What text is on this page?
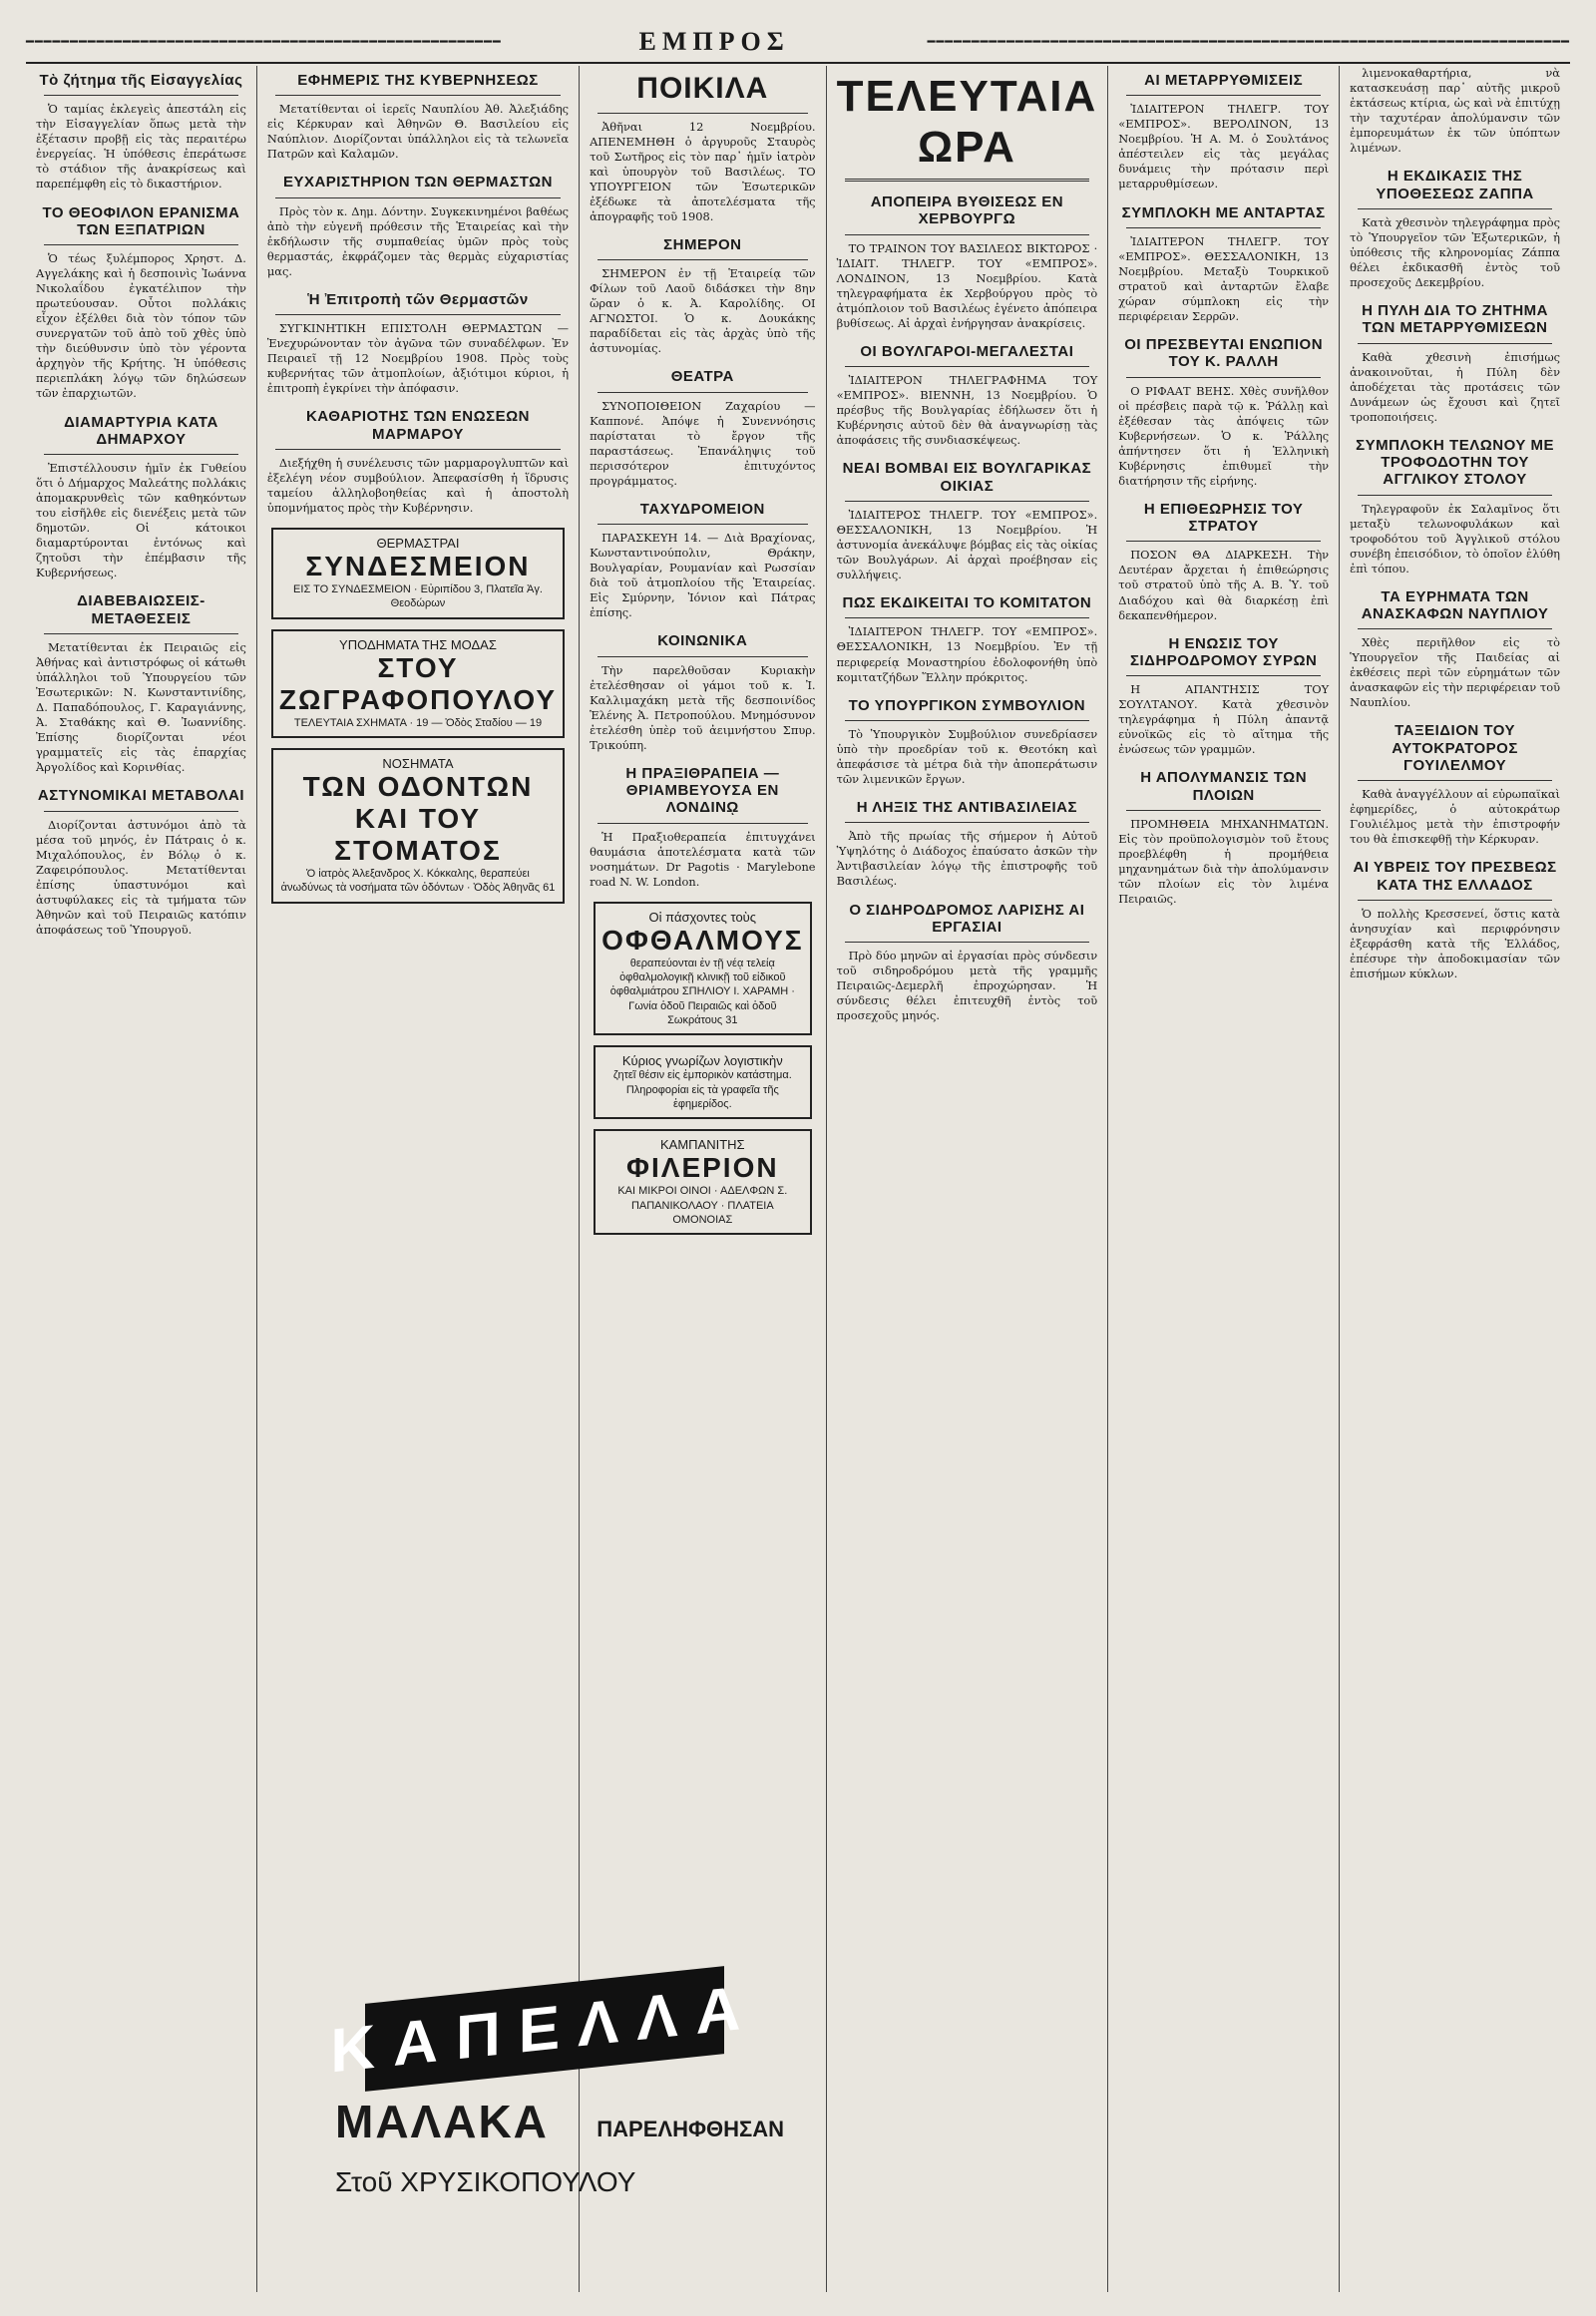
━━━━━━━━━━━━━━━━━━━━━━━━━━━━━━━━━━━━━━━━━━━━━━━━━━━━━━	ΕΜΠΡΟΣ	━━━━━━━━━━━━━━━━━━━━━━━━━━━━━━━━━━━━━━━━━━━━━━━━━━━━━━━━━━━━━━━━━━━━━━━━━
Τὸ ζήτημα τῆς Εἰσαγγελίας

Ὁ ταμίας ἐκλεγεὶς ἀπεστάλη εἰς τὴν Εἰσαγγελίαν ὅπως μετὰ τὴν ἐξέτασιν προβῇ εἰς τὰς περαιτέρω ἐνεργείας. Ἡ ὑπόθεσις ἐπεράτωσε τὸ στάδιον τῆς ἀνακρίσεως καὶ παρεπέμφθη εἰς τὸ δικαστήριον.

ΤΟ ΘΕΟΦΙΛΟΝ ΕΡΑΝΙΣΜΑ ΤΩΝ ΕΞΠΑΤΡΙΩΝ

Ὁ τέως ξυλέμπορος Χρηστ. Δ. Αγγελάκης καὶ ἡ δεσποινὶς Ἰωάννα Νικολαΐδου ἐγκατέλιπον τὴν πρωτεύουσαν. Οὗτοι πολλάκις εἶχον ἐξέλθει διὰ τὸν τόπον τῶν συνεργατῶν τοῦ ἀπὸ τοῦ χθὲς ὑπὸ τὴν διεύθυνσιν ὑπὸ τὸν γέροντα ἀρχηγὸν τῆς Κρήτης. Ἡ ὑπόθεσις περιεπλάκη λόγῳ τῶν δηλώσεων τῶν ἐπαρχιωτῶν.

ΔΙΑΜΑΡΤΥΡΙΑ ΚΑΤΑ ΔΗΜΑΡΧΟΥ

Ἐπιστέλλουσιν ἡμῖν ἐκ Γυθείου ὅτι ὁ Δήμαρχος Μαλεάτης πολλάκις ἀπομακρυνθεὶς τῶν καθηκόντων του εἰσῆλθε εἰς διενέξεις μετὰ τῶν δημοτῶν. Οἱ κάτοικοι διαμαρτύρονται ἐντόνως καὶ ζητοῦσι τὴν ἐπέμβασιν τῆς Κυβερνήσεως.

ΔΙΑΒΕΒΑΙΩΣΕΙΣ-ΜΕΤΑΘΕΣΕΙΣ

Μετατίθενται ἐκ Πειραιῶς εἰς Ἀθήνας καὶ ἀντιστρόφως οἱ κάτωθι ὑπάλληλοι τοῦ Ὑπουργείου τῶν Ἐσωτερικῶν: Ν. Κωνσταντινίδης, Δ. Παπαδόπουλος, Γ. Καραγιάννης, Ἀ. Σταθάκης καὶ Θ. Ἰωαννίδης. Ἐπίσης διορίζονται νέοι γραμματεῖς εἰς τὰς ἐπαρχίας Ἀργολίδος καὶ Κορινθίας.

ΑΣΤΥΝΟΜΙΚΑΙ ΜΕΤΑΒΟΛΑΙ

Διορίζονται ἀστυνόμοι ἀπὸ τὰ μέσα τοῦ μηνός, ἐν Πάτραις ὁ κ. Μιχαλόπουλος, ἐν Βόλῳ ὁ κ. Ζαφειρόπουλος. Μετατίθενται ἐπίσης ὑπαστυνόμοι καὶ ἀστυφύλακες εἰς τὰ τμήματα τῶν Ἀθηνῶν καὶ τοῦ Πειραιῶς κατόπιν ἀποφάσεως τοῦ Ὑπουργοῦ.

ΕΦΗΜΕΡΙΣ ΤΗΣ ΚΥΒΕΡΝΗΣΕΩΣ

Μετατίθενται οἱ ἰερεῖς Ναυπλίου Ἀθ. Ἀλεξιάδης εἰς Κέρκυραν καὶ Ἀθηνῶν Θ. Βασιλείου εἰς Ναύπλιον. Διορίζονται ὑπάλληλοι εἰς τὰ τελωνεῖα Πατρῶν καὶ Καλαμῶν.

ΕΥΧΑΡΙΣΤΗΡΙΟΝ ΤΩΝ ΘΕΡΜΑΣΤΩΝ

Πρὸς τὸν κ. Δημ. Δόντην. Συγκεκινημένοι βαθέως ἀπὸ τὴν εὐγενῆ πρόθεσιν τῆς Ἑταιρείας καὶ τὴν ἐκδήλωσιν τῆς συμπαθείας ὑμῶν πρὸς τοὺς θερμαστάς, ἐκφράζομεν τὰς θερμὰς εὐχαριστίας μας.

Ἡ Ἐπιτροπὴ τῶν Θερμαστῶν

ΣΥΓΚΙΝΗΤΙΚΗ ΕΠΙΣΤΟΛΗ ΘΕΡΜΑΣΤΩΝ — Ἐνεχυρώνονταν τὸν ἀγῶνα τῶν συναδέλφων. Ἐν Πειραιεῖ τῇ 12 Νοεμβρίου 1908. Πρὸς τοὺς κυβερνήτας τῶν ἀτμοπλοίων, ἀξιότιμοι κύριοι, ἡ ἐπιτροπὴ ἐγκρίνει τὴν ἀπόφασιν.

ΚΑΘΑΡΙΟΤΗΣ ΤΩΝ ΕΝΩΣΕΩΝ ΜΑΡΜΑΡΟΥ

Διεξήχθη ἡ συνέλευσις τῶν μαρμαρογλυπτῶν καὶ ἐξελέγη νέον συμβούλιον. Ἀπεφασίσθη ἡ ἵδρυσις ταμείου ἀλληλοβοηθείας καὶ ἡ ἀποστολὴ ὑπομνήματος πρὸς τὴν Κυβέρνησιν.

ΘΕΡΜΑΣΤΡΑΙ
ΣΥΝΔΕΣΜΕΙΟΝ
ΕΙΣ ΤΟ ΣΥΝΔΕΣΜΕΙΟΝ · Εὐριπίδου 3, Πλατεῖα Ἀγ. Θεοδώρων
ΥΠΟΔΗΜΑΤΑ ΤΗΣ ΜΟΔΑΣ
ΣΤΟΥ ΖΩΓΡΑΦΟΠΟΥΛΟΥ
ΤΕΛΕΥΤΑΙΑ ΣΧΗΜΑΤΑ · 19 — Ὁδὸς Σταδίου — 19
ΝΟΣΗΜΑΤΑ
ΤΩΝ ΟΔΟΝΤΩΝ ΚΑΙ ΤΟΥ ΣΤΟΜΑΤΟΣ
Ὁ ἰατρὸς Ἀλεξανδρος Χ. Κόκκαλης, θεραπεύει ἀνωδύνως τὰ νοσήματα τῶν ὀδόντων · Ὁδὸς Ἀθηνᾶς 61
ΠΟΙΚΙΛΑ

Ἀθῆναι 12 Νοεμβρίου. ΑΠΕΝΕΜΗΘΗ ὁ ἀργυροῦς Σταυρὸς τοῦ Σωτῆρος εἰς τὸν παρ᾽ ἡμῖν ἰατρὸν καὶ ὑπουργὸν τοῦ Βασιλέως. ΤΟ ΥΠΟΥΡΓΕΙΟΝ τῶν Ἐσωτερικῶν ἐξέδωκε τὰ ἀποτελέσματα τῆς ἀπογραφῆς τοῦ 1908.

ΣΗΜΕΡΟΝ

ΣΗΜΕΡΟΝ ἐν τῇ Ἑταιρείᾳ τῶν Φίλων τοῦ Λαοῦ διδάσκει τὴν 8ην ὥραν ὁ κ. Ἀ. Καρολίδης. ΟΙ ΑΓΝΩΣΤΟΙ. Ὁ κ. Δουκάκης παραδίδεται εἰς τὰς ἀρχὰς ὑπὸ τῆς ἀστυνομίας.

ΘΕΑΤΡΑ

ΣΥΝΟΠΟΙΘΕΙΟΝ Ζαχαρίου — Καππονέ. Ἀπόψε ἡ Συνεννόησις παρίσταται τὸ ἔργον τῆς παραστάσεως. Ἐπανάληψις τοῦ περισσότερον ἐπιτυχόντος προγράμματος.

ΤΑΧΥΔΡΟΜΕΙΟΝ

ΠΑΡΑΣΚΕΥΗ 14. — Διὰ Βραχίονας, Κωνσταντινούπολιν, Θράκην, Βουλγαρίαν, Ρουμανίαν καὶ Ρωσσίαν διὰ τοῦ ἀτμοπλοίου τῆς Ἑταιρείας. Εἰς Σμύρνην, Ἰόνιον καὶ Πάτρας ἐπίσης.

ΚΟΙΝΩΝΙΚΑ

Τὴν παρελθοῦσαν Κυριακὴν ἐτελέσθησαν οἱ γάμοι τοῦ κ. Ἰ. Καλλιμαχάκη μετὰ τῆς δεσποινίδος Ἑλένης Ἀ. Πετροπούλου. Μνημόσυνον ἐτελέσθη ὑπὲρ τοῦ ἀειμνήστου Σπυρ. Τρικούπη.

Η ΠΡΑΞΙΘΡΑΠΕΙΑ — ΘΡΙΑΜΒΕΥΟΥΣΑ ΕΝ ΛΟΝΔΙΝῼ

Ἡ Πραξιοθεραπεία ἐπιτυγχάνει θαυμάσια ἀποτελέσματα κατὰ τῶν νοσημάτων. Dr Pagotis · Marylebone road N. W. London.

Οἱ πάσχοντες τοὺς
ΟΦΘΑΛΜΟΥΣ
θεραπεύονται ἐν τῇ νέᾳ τελείᾳ ὀφθαλμολογικῇ κλινικῇ τοῦ εἰδικοῦ ὀφθαλμιάτρου ΣΠΗΛΙΟΥ Ι. ΧΑΡΑΜΗ · Γωνία ὁδοῦ Πειραιῶς καὶ ὁδοῦ Σωκράτους 31
Κύριος γνωρίζων λογιστικὴν
ζητεῖ θέσιν εἰς ἐμπορικὸν κατάστημα. Πληροφορίαι εἰς τὰ γραφεῖα τῆς ἐφημερίδος.
ΚΑΜΠΑΝΙΤΗΣ
ΦΙΛΕΡΙΟΝ
ΚΑΙ ΜΙΚΡΟΙ ΟΙΝΟΙ · ΑΔΕΛΦΩΝ Σ. ΠΑΠΑΝΙΚΟΛΑΟΥ · ΠΛΑΤΕΙΑ ΟΜΟΝΟΙΑΣ
ΤΕΛΕΥΤΑΙΑ ΩΡΑ
ΑΠΟΠΕΙΡΑ ΒΥΘΙΣΕΩΣ ΕΝ ΧΕΡΒΟΥΡΓΩ

ΤΟ ΤΡΑΙΝΟΝ ΤΟΥ ΒΑΣΙΛΕΩΣ ΒΙΚΤΩΡΟΣ · ἸΔΙΑΙΤ. ΤΗΛΕΓΡ. ΤΟΥ «ΕΜΠΡΟΣ». ΛΟΝΔΙΝΟΝ, 13 Νοεμβρίου. Κατὰ τηλεγραφήματα ἐκ Χερβούργου πρὸς τὸ ἀτμόπλοιον τοῦ Βασιλέως ἐγένετο ἀπόπειρα βυθίσεως. Αἱ ἀρχαὶ ἐνήργησαν ἀνακρίσεις.

ΟΙ ΒΟΥΛΓΑΡΟΙ-ΜΕΓΑΛΕΣΤΑΙ

ἸΔΙΑΙΤΕΡΟΝ ΤΗΛΕΓΡΑΦΗΜΑ ΤΟΥ «ΕΜΠΡΟΣ». ΒΙΕΝΝΗ, 13 Νοεμβρίου. Ὁ πρέσβυς τῆς Βουλγαρίας ἐδήλωσεν ὅτι ἡ Κυβέρνησις αὐτοῦ δὲν θὰ ἀναγνωρίσῃ τὰς ἀποφάσεις τῆς συνδιασκέψεως.

ΝΕΑΙ ΒΟΜΒΑΙ ΕΙΣ ΒΟΥΛΓΑΡΙΚΑΣ ΟΙΚΙΑΣ

ἸΔΙΑΙΤΕΡΟΣ ΤΗΛΕΓΡ. ΤΟΥ «ΕΜΠΡΟΣ». ΘΕΣΣΑΛΟΝΙΚΗ, 13 Νοεμβρίου. Ἡ ἀστυνομία ἀνεκάλυψε βόμβας εἰς τὰς οἰκίας τῶν Βουλγάρων. Αἱ ἀρχαὶ προέβησαν εἰς συλλήψεις.

ΠΩΣ ΕΚΔΙΚΕΙΤΑΙ ΤΟ ΚΟΜΙΤΑΤΟΝ

ἸΔΙΑΙΤΕΡΟΝ ΤΗΛΕΓΡ. ΤΟΥ «ΕΜΠΡΟΣ». ΘΕΣΣΑΛΟΝΙΚΗ, 13 Νοεμβρίου. Ἐν τῇ περιφερείᾳ Μοναστηρίου ἐδολοφονήθη ὑπὸ κομιτατζήδων Ἕλλην πρόκριτος.

ΤΟ ΥΠΟΥΡΓΙΚΟΝ ΣΥΜΒΟΥΛΙΟΝ

Τὸ Ὑπουργικὸν Συμβούλιον συνεδρίασεν ὑπὸ τὴν προεδρίαν τοῦ κ. Θεοτόκη καὶ ἀπεφάσισε τὰ μέτρα διὰ τὴν ἀποπεράτωσιν τῶν λιμενικῶν ἔργων.

Η ΛΗΞΙΣ ΤΗΣ ΑΝΤΙΒΑΣΙΛΕΙΑΣ

Ἀπὸ τῆς πρωίας τῆς σήμερον ἡ Αὐτοῦ Ὑψηλότης ὁ Διάδοχος ἐπαύσατο ἀσκῶν τὴν Ἀντιβασιλείαν λόγῳ τῆς ἐπιστροφῆς τοῦ Βασιλέως.

Ο ΣΙΔΗΡΟΔΡΟΜΟΣ ΛΑΡΙΣΗΣ ΑΙ ΕΡΓΑΣΙΑΙ

Πρὸ δύο μηνῶν αἱ ἐργασίαι πρὸς σύνδεσιν τοῦ σιδηροδρόμου μετὰ τῆς γραμμῆς Πειραιῶς-Δεμερλῆ ἐπροχώρησαν. Ἡ σύνδεσις θέλει ἐπιτευχθῆ ἐντὸς τοῦ προσεχοῦς μηνός.

ΑΙ ΜΕΤΑΡΡΥΘΜΙΣΕΙΣ

ἸΔΙΑΙΤΕΡΟΝ ΤΗΛΕΓΡ. ΤΟΥ «ΕΜΠΡΟΣ». ΒΕΡΟΛΙΝΟΝ, 13 Νοεμβρίου. Ἡ Α. Μ. ὁ Σουλτάνος ἀπέστειλεν εἰς τὰς μεγάλας δυνάμεις τὴν πρότασιν περὶ μεταρρυθμίσεων.

ΣΥΜΠΛΟΚΗ ΜΕ ΑΝΤΑΡΤΑΣ

ἸΔΙΑΙΤΕΡΟΝ ΤΗΛΕΓΡ. ΤΟΥ «ΕΜΠΡΟΣ». ΘΕΣΣΑΛΟΝΙΚΗ, 13 Νοεμβρίου. Μεταξὺ Τουρκικοῦ στρατοῦ καὶ ἀνταρτῶν ἔλαβε χώραν σύμπλοκη εἰς τὴν περιφέρειαν Σερρῶν.

ΟΙ ΠΡΕΣΒΕΥΤΑΙ ΕΝΩΠΙΟΝ ΤΟΥ Κ. ΡΑΛΛΗ

Ο ΡΙΦΑΑΤ ΒΕΗΣ. Χθὲς συνῆλθον οἱ πρέσβεις παρὰ τῷ κ. Ῥάλλῃ καὶ ἐξέθεσαν τὰς ἀπόψεις τῶν Κυβερνήσεων. Ὁ κ. Ῥάλλης ἀπήντησεν ὅτι ἡ Ἑλληνικὴ Κυβέρνησις ἐπιθυμεῖ τὴν διατήρησιν τῆς εἰρήνης.

Η ΕΠΙΘΕΩΡΗΣΙΣ ΤΟΥ ΣΤΡΑΤΟΥ

ΠΟΣΟΝ ΘΑ ΔΙΑΡΚΕΣΗ. Τὴν Δευτέραν ἄρχεται ἡ ἐπιθεώρησις τοῦ στρατοῦ ὑπὸ τῆς Α. Β. Ὑ. τοῦ Διαδόχου καὶ θὰ διαρκέσῃ ἐπὶ δεκαπενθήμερον.

Η ΕΝΩΣΙΣ ΤΟΥ ΣΙΔΗΡΟΔΡΟΜΟΥ ΣΥΡΩΝ

Η ΑΠΑΝΤΗΣΙΣ ΤΟΥ ΣΟΥΛΤΑΝΟΥ. Κατὰ χθεσινὸν τηλεγράφημα ἡ Πύλη ἀπαντᾷ εὐνοϊκῶς εἰς τὸ αἴτημα τῆς ἐνώσεως τῶν γραμμῶν.

Η ΑΠΟΛΥΜΑΝΣΙΣ ΤΩΝ ΠΛΟΙΩΝ

ΠΡΟΜΗΘΕΙΑ ΜΗΧΑΝΗΜΑΤΩΝ. Εἰς τὸν προϋπολογισμὸν τοῦ ἔτους προεβλέφθη ἡ προμήθεια μηχανημάτων διὰ τὴν ἀπολύμανσιν τῶν πλοίων εἰς τὸν λιμένα Πειραιῶς.

λιμενοκαθαρτήρια, νὰ κατασκευάσῃ παρ᾽ αὐτῆς μικροῦ ἐκτάσεως κτίρια, ὡς καὶ νὰ ἐπιτύχῃ τὴν ταχυτέραν ἀπολύμανσιν τῶν ἐμπορευμάτων ἐκ τῶν ὑπόπτων λιμένων.

Η ΕΚΔΙΚΑΣΙΣ ΤΗΣ ΥΠΟΘΕΣΕΩΣ ΖΑΠΠΑ

Κατὰ χθεσινὸν τηλεγράφημα πρὸς τὸ Ὑπουργεῖον τῶν Ἐξωτερικῶν, ἡ ὑπόθεσις τῆς κληρονομίας Ζάππα θέλει ἐκδικασθῆ ἐντὸς τοῦ προσεχοῦς Δεκεμβρίου.

Η ΠΥΛΗ ΔΙΑ ΤΟ ΖΗΤΗΜΑ ΤΩΝ ΜΕΤΑΡΡΥΘΜΙΣΕΩΝ

Καθὰ χθεσινὴ ἐπισήμως ἀνακοινοῦται, ἡ Πύλη δὲν ἀποδέχεται τὰς προτάσεις τῶν Δυνάμεων ὡς ἔχουσι καὶ ζητεῖ τροποποιήσεις.

ΣΥΜΠΛΟΚΗ ΤΕΛΩΝΟΥ ΜΕ ΤΡΟΦΟΔΟΤΗΝ ΤΟΥ ΑΓΓΛΙΚΟΥ ΣΤΟΛΟΥ

Τηλεγραφοῦν ἐκ Σαλαμῖνος ὅτι μεταξὺ τελωνοφυλάκων καὶ τροφοδότου τοῦ Ἀγγλικοῦ στόλου συνέβη ἐπεισόδιον, τὸ ὁποῖον ἐλύθη ἐπὶ τόπου.

ΤΑ ΕΥΡΗΜΑΤΑ ΤΩΝ ΑΝΑΣΚΑΦΩΝ ΝΑΥΠΛΙΟΥ

Χθὲς περιῆλθον εἰς τὸ Ὑπουργεῖον τῆς Παιδείας αἱ ἐκθέσεις περὶ τῶν εὑρημάτων τῶν ἀνασκαφῶν εἰς τὴν περιφέρειαν τοῦ Ναυπλίου.

ΤΑΞΕΙΔΙΟΝ ΤΟΥ ΑΥΤΟΚΡΑΤΟΡΟΣ ΓΟΥΙΛΕΛΜΟΥ

Καθὰ ἀναγγέλλουν αἱ εὐρωπαϊκαὶ ἐφημερίδες, ὁ αὐτοκράτωρ Γουλιέλμος μετὰ τὴν ἐπιστροφήν του θὰ ἐπισκεφθῇ τὴν Κέρκυραν.

ΑΙ ΥΒΡΕΙΣ ΤΟΥ ΠΡΕΣΒΕΩΣ ΚΑΤΑ ΤΗΣ ΕΛΛΑΔΟΣ

Ὁ πολλὴς Κρεσσενεί, ὅστις κατὰ ἀνησυχίαν καὶ περιφρόνησιν ἐξεφράσθη κατὰ τῆς Ἑλλάδος, ἐπέσυρε τὴν ἀποδοκιμασίαν τῶν ἐπισήμων κύκλων.

ΚΑΠΕΛΛΑ
ΜΑΛΑΚΑ ΠΑΡΕΛΗΦΘΗΣΑΝ
Στοῦ ΧΡΥΣΙΚΟΠΟΥΛΟΥ
